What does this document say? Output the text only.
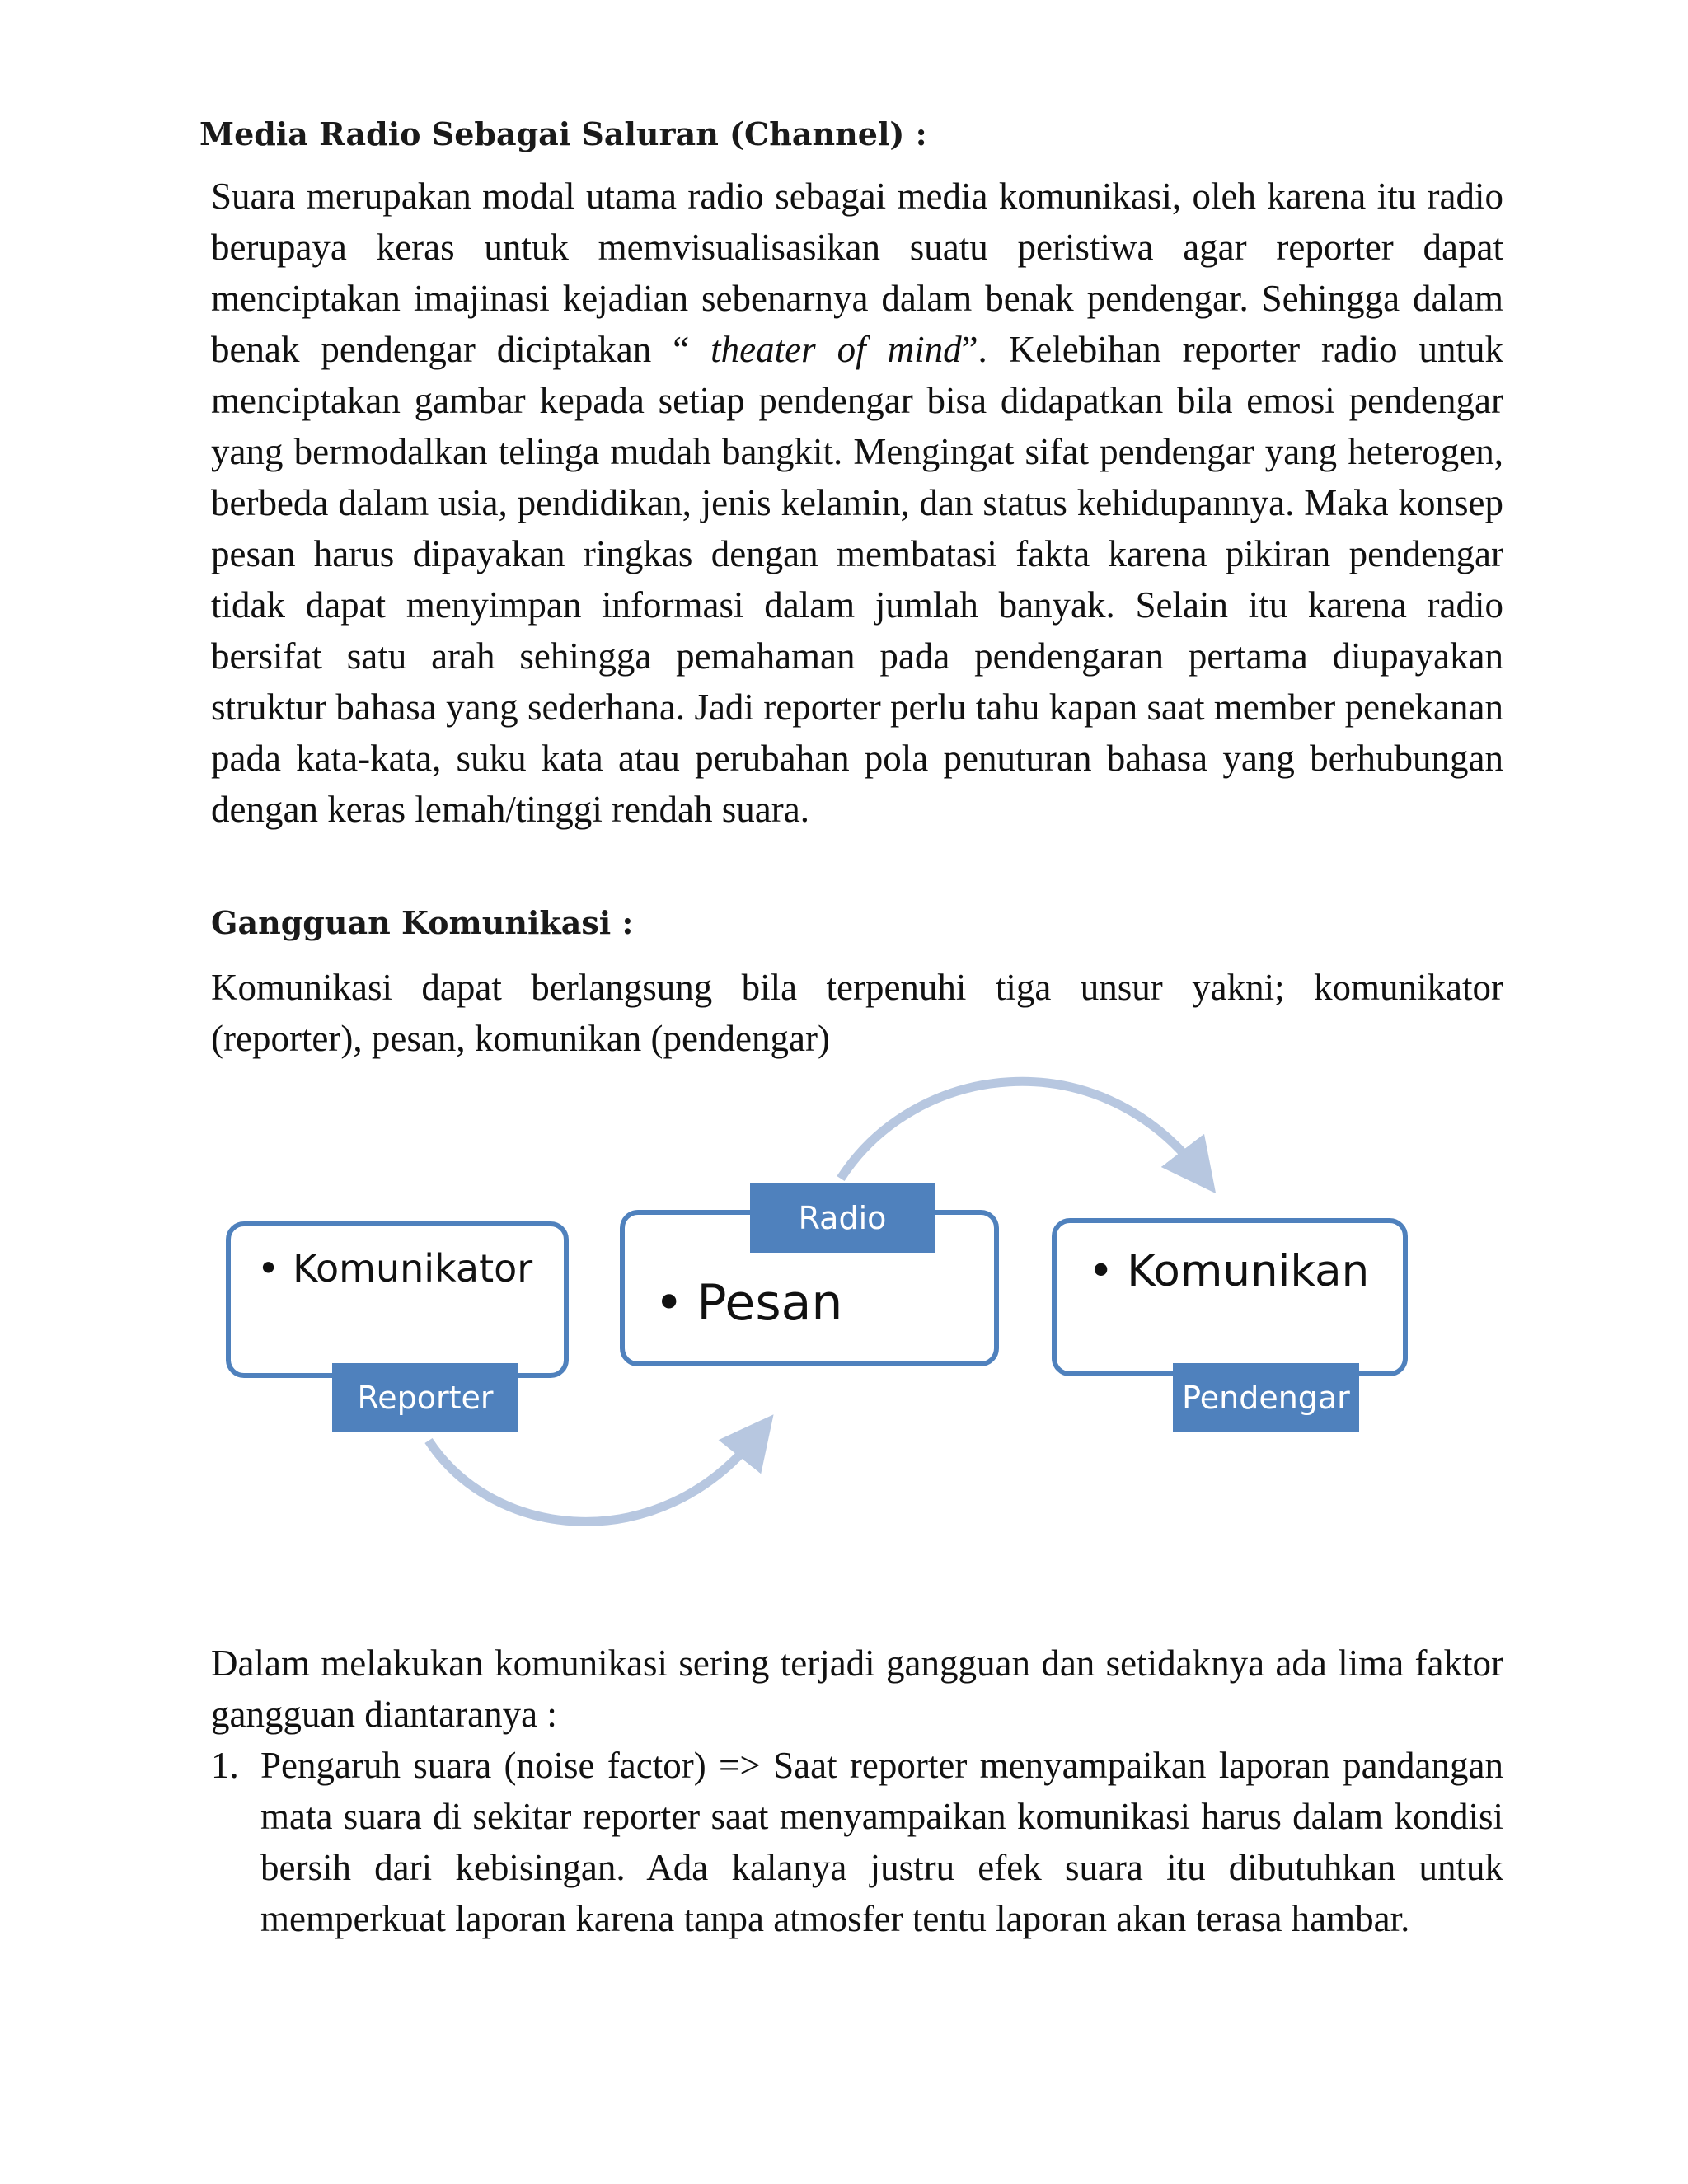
Media Radio Sebagai Saluran (Channel) :

Suara merupakan modal utama radio sebagai media komunikasi, oleh karena itu radio berupaya keras untuk memvisualisasikan suatu peristiwa agar reporter dapat menciptakan imajinasi kejadian sebenarnya dalam benak pendengar. Sehingga dalam benak pendengar diciptakan “ theater of mind”. Kelebihan reporter radio untuk menciptakan gambar kepada setiap pendengar bisa didapatkan bila emosi pendengar yang bermodalkan telinga mudah bangkit. Mengingat sifat pendengar yang heterogen, berbeda dalam usia, pendidikan, jenis kelamin, dan status kehidupannya. Maka konsep pesan harus dipayakan ringkas dengan membatasi fakta karena pikiran pendengar tidak dapat menyimpan informasi dalam jumlah banyak. Selain itu karena radio bersifat satu arah sehingga pemahaman pada pendengaran pertama diupayakan struktur bahasa yang sederhana. Jadi reporter perlu tahu kapan saat member penekanan pada kata-kata, suku kata atau perubahan pola penuturan bahasa yang berhubungan dengan keras lemah/tinggi rendah suara.

Gangguan Komunikasi :

Komunikasi dapat berlangsung bila terpenuhi tiga unsur yakni; komunikator (reporter), pesan, komunikan (pendengar)

• Komunikator
Reporter
• Pesan
Radio
• Komunikan
Pendengar

Dalam melakukan komunikasi sering terjadi gangguan dan setidaknya ada lima faktor gangguan diantaranya :

1. Pengaruh suara (noise factor) => Saat reporter menyampaikan laporan pandangan mata suara di sekitar reporter saat menyampaikan komunikasi harus dalam kondisi bersih dari kebisingan. Ada kalanya justru efek suara itu dibutuhkan untuk memperkuat laporan karena tanpa atmosfer tentu laporan akan terasa hambar.
